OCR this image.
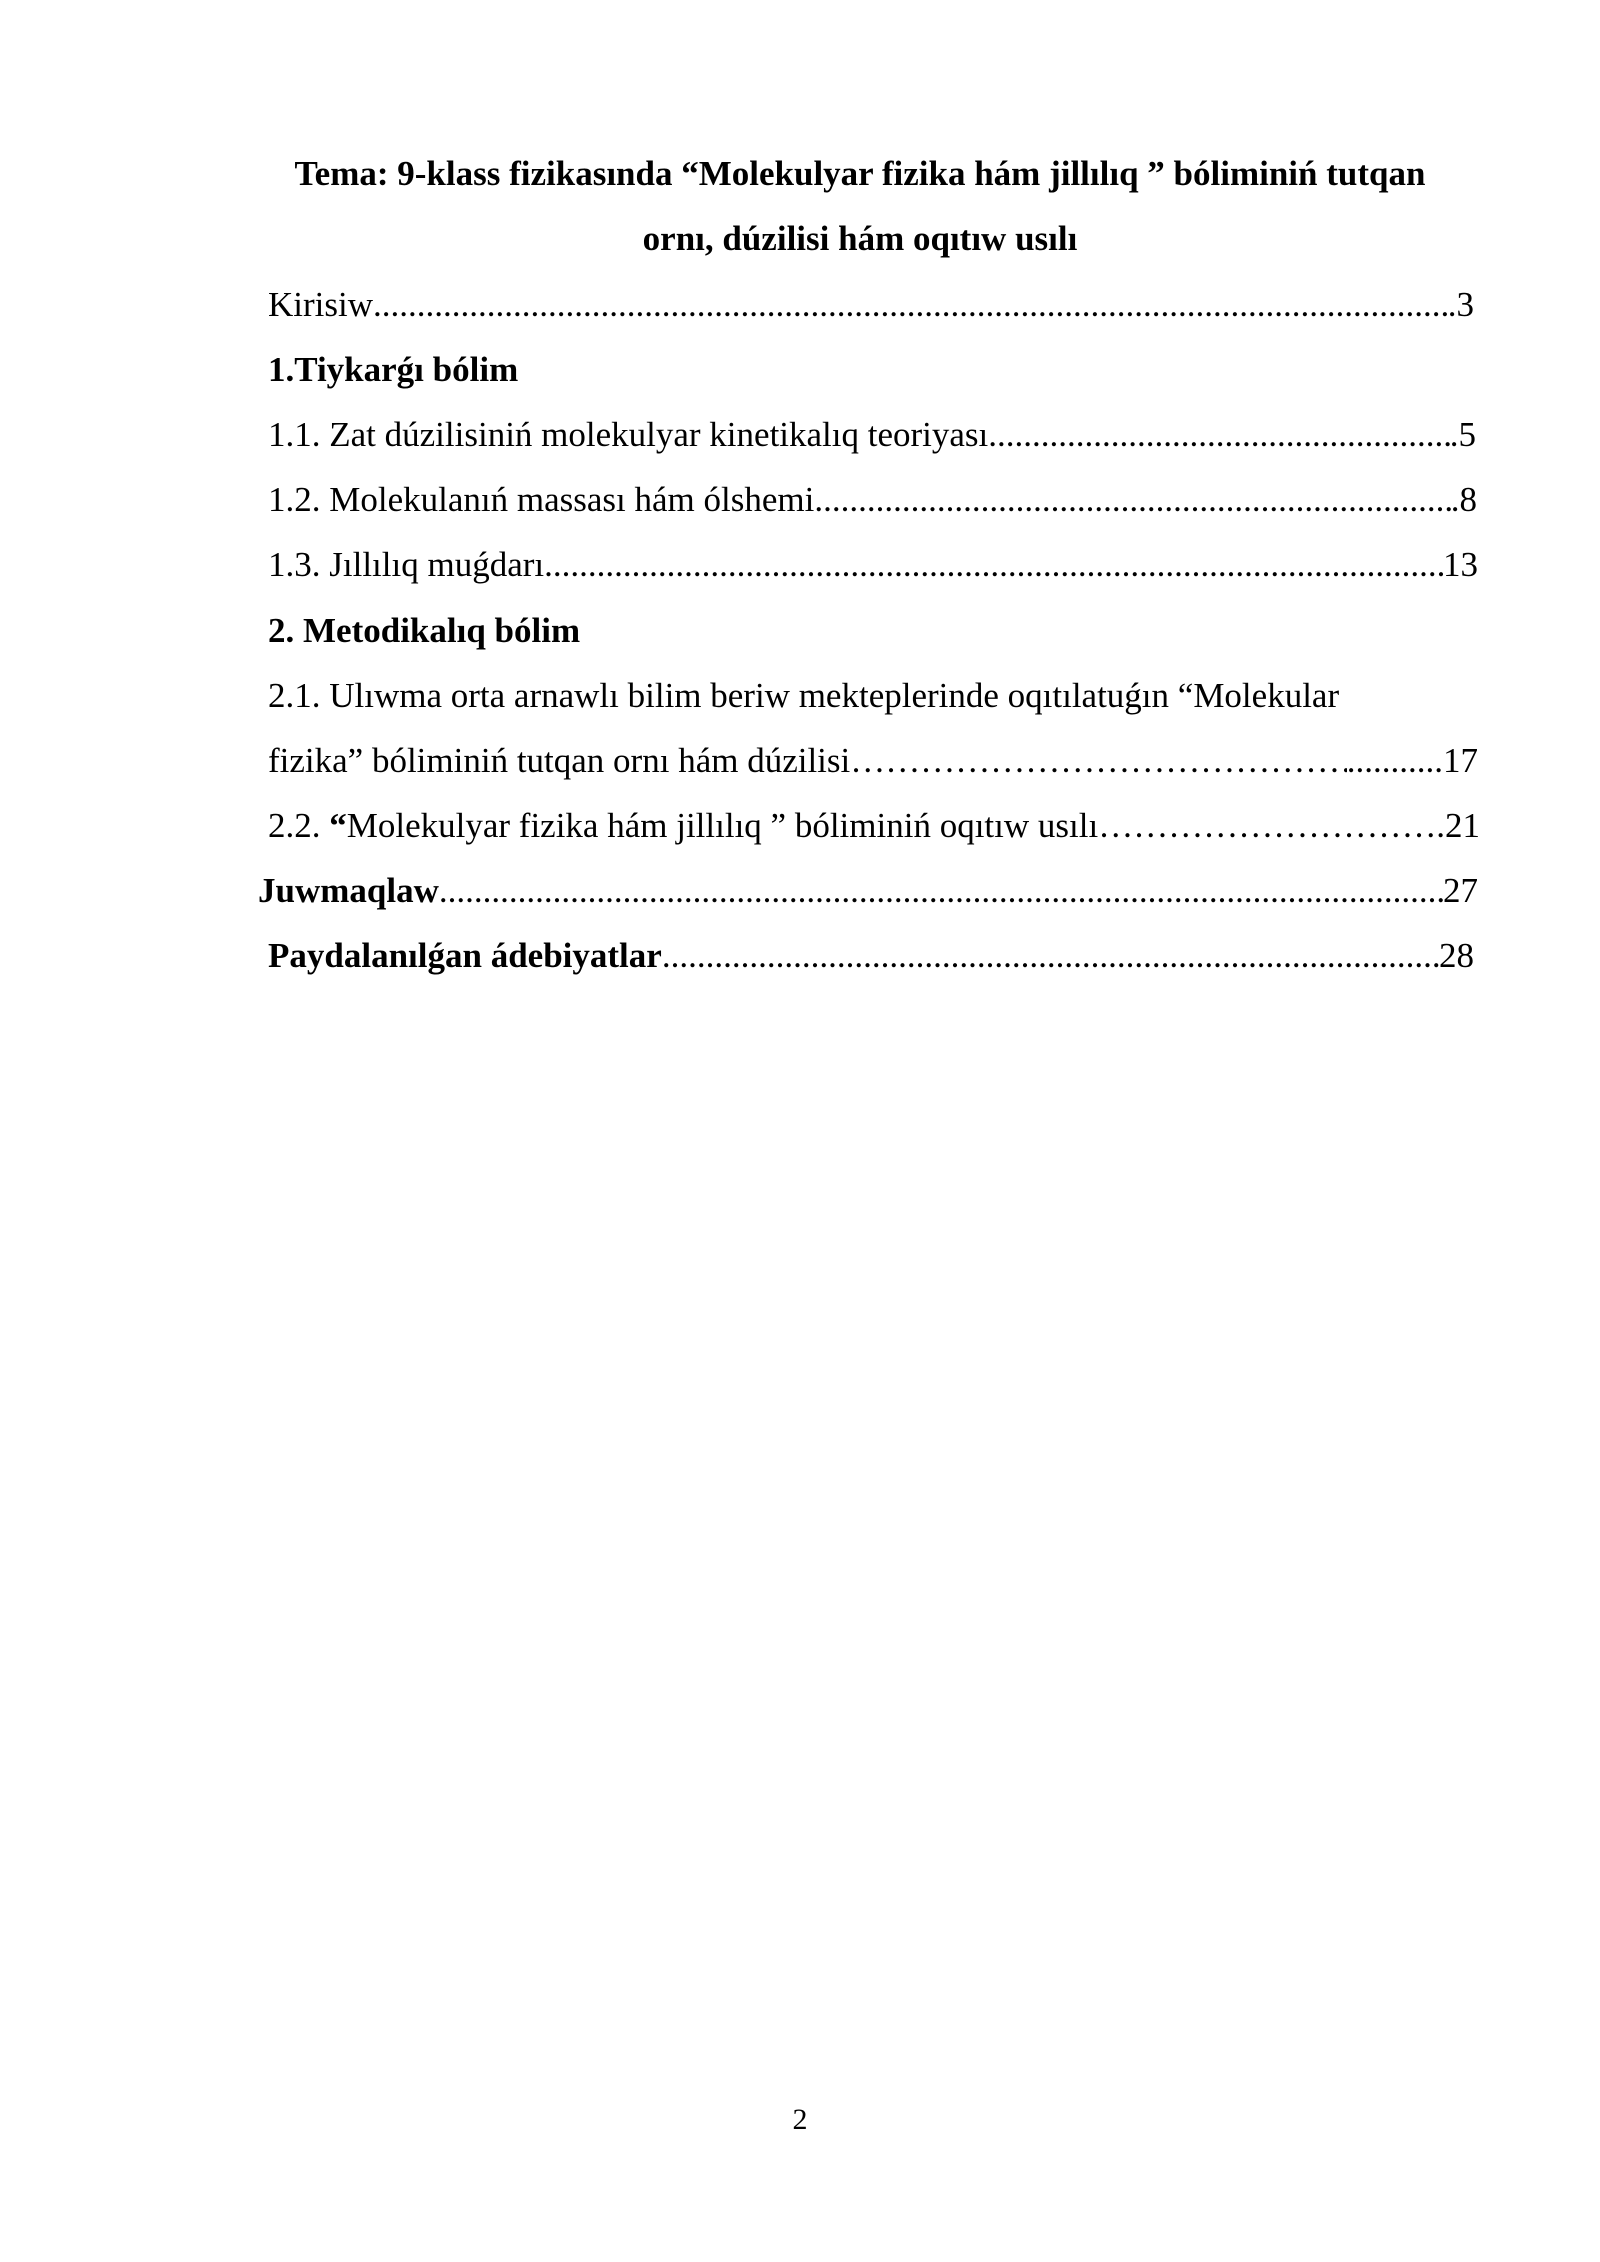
Tema: 9-klass fizikasında “Molekulyar fizika hám jillılıq ” bóliminiń tutqan
ornı, dúzilisi hám oqıtıw usılı
Kirisiw .....	.3
1.Tiykarǵı bólim
1.1. Zat dúzilisiniń molekulyar kinetikalıq teoriyası .....	.5
1.2. Molekulanıń massası hám ólshemi .....	.8
1.3. Jıllılıq muǵdarı .....	13
2. Metodikalıq bólim
2.1. Ulıwma orta arnawlı bilim beriw mekteplerinde oqıtılatuǵın “Molekular
fizika” bóliminiń tutqan ornı hám dúzilisi ……………………………………………………………………………………………………………………………………………………………………………	...........17
2.2. “ Molekulyar fizika hám jillılıq ” bóliminiń oqıtıw usılı ……………………………………………………………………………………………………………………………………………………………………………	.21
Juwmaqlaw .....	27
Paydalanılǵan ádebiyatlar .....	28
2
